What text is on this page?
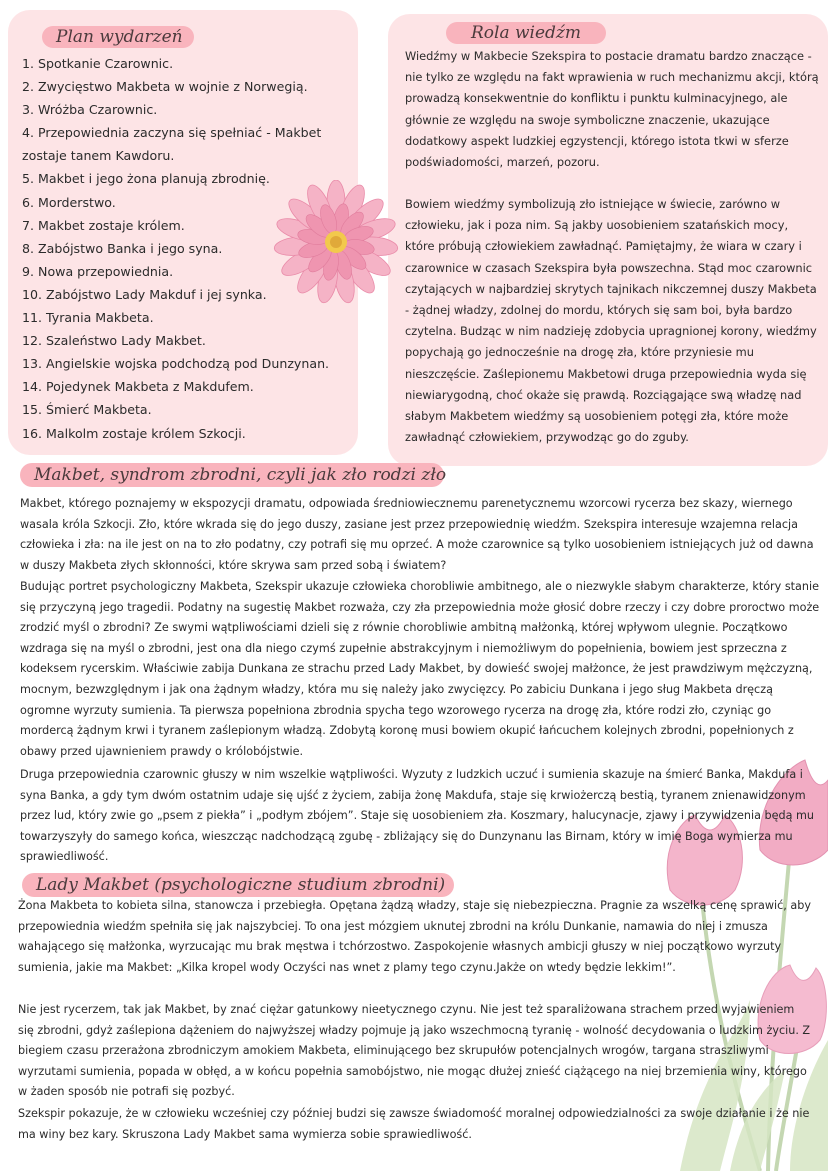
Plan wydarzeń
1. Spotkanie Czarownic.
2. Zwycięstwo Makbeta w wojnie z Norwegią.
3. Wróżba Czarownic.
4. Przepowiednia zaczyna się spełniać - Makbet zostaje tanem Kawdoru.
5. Makbet i jego żona planują zbrodnię.
6. Morderstwo.
7. Makbet zostaje królem.
8. Zabójstwo Banka i jego syna.
9. Nowa przepowiednia.
10. Zabójstwo Lady Makduf i jej synka.
11. Tyrania Makbeta.
12. Szaleństwo Lady Makbet.
13. Angielskie wojska podchodzą pod Dunzynan.
14. Pojedynek Makbeta z Makdufem.
15. Śmierć Makbeta.
16. Malkolm zostaje królem Szkocji.
Rola wiedźm

Wiedźmy w Makbecie Szekspira to postacie dramatu bardzo znaczące - nie tylko ze względu na fakt wprawienia w ruch mechanizmu akcji, którą prowadzą konsekwentnie do konfliktu i punktu kulminacyjnego, ale głównie ze względu na swoje symboliczne znaczenie, ukazujące dodatkowy aspekt ludzkiej egzystencji, którego istota tkwi w sferze podświadomości, marzeń, pozoru.

Bowiem wiedźmy symbolizują zło istniejące w świecie, zarówno w człowieku, jak i poza nim. Są jakby uosobieniem szatańskich mocy, które próbują człowiekiem zawładnąć. Pamiętajmy, że wiara w czary i czarownice w czasach Szekspira była powszechna. Stąd moc czarownic czytających w najbardziej skrytych tajnikach nikczemnej duszy Makbeta - żądnej władzy, zdolnej do mordu, których się sam boi, była bardzo czytelna. Budząc w nim nadzieję zdobycia upragnionej korony, wiedźmy popychają go jednocześnie na drogę zła, które przyniesie mu nieszczęście. Zaślepionemu Makbetowi druga przepowiednia wyda się niewiarygodną, choć okaże się prawdą. Rozciągające swą władzę nad słabym Makbetem wiedźmy są uosobieniem potęgi zła, które może zawładnąć człowiekiem, przywodząc go do zguby.

Makbet, syndrom zbrodni, czyli jak zło rodzi zło

Makbet, którego poznajemy w ekspozycji dramatu, odpowiada średniowiecznemu parenetycznemu wzorcowi rycerza bez skazy, wiernego wasala króla Szkocji. Zło, które wkrada się do jego duszy, zasiane jest przez przepowiednię wiedźm. Szekspira interesuje wzajemna relacja człowieka i zła: na ile jest on na to zło podatny, czy potrafi się mu oprzeć. A może czarownice są tylko uosobieniem istniejących już od dawna w duszy Makbeta złych skłonności, które skrywa sam przed sobą i światem?

Budując portret psychologiczny Makbeta, Szekspir ukazuje człowieka chorobliwie ambitnego, ale o niezwykle słabym charakterze, który stanie się przyczyną jego tragedii. Podatny na sugestię Makbet rozważa, czy zła przepowiednia może głosić dobre rzeczy i czy dobre proroctwo może zrodzić myśl o zbrodni? Ze swymi wątpliwościami dzieli się z równie chorobliwie ambitną małżonką, której wpływom ulegnie. Początkowo wzdraga się na myśl o zbrodni, jest ona dla niego czymś zupełnie abstrakcyjnym i niemożliwym do popełnienia, bowiem jest sprzeczna z kodeksem rycerskim. Właściwie zabija Dunkana ze strachu przed Lady Makbet, by dowieść swojej małżonce, że jest prawdziwym mężczyzną, mocnym, bezwzględnym i jak ona żądnym władzy, która mu się należy jako zwycięzcy. Po zabiciu Dunkana i jego sług Makbeta dręczą ogromne wyrzuty sumienia. Ta pierwsza popełniona zbrodnia spycha tego wzorowego rycerza na drogę zła, które rodzi zło, czyniąc go mordercą żądnym krwi i tyranem zaślepionym władzą. Zdobytą koronę musi bowiem okupić łańcuchem kolejnych zbrodni, popełnionych z obawy przed ujawnieniem prawdy o królobójstwie.

Druga przepowiednia czarownic głuszy w nim wszelkie wątpliwości. Wyzuty z ludzkich uczuć i sumienia skazuje na śmierć Banka, Makdufa i syna Banka, a gdy tym dwóm ostatnim udaje się ujść z życiem, zabija żonę Makdufa, staje się krwiożerczą bestią, tyranem znienawidzonym przez lud, który zwie go „psem z piekła” i „podłym zbójem”. Staje się uosobieniem zła. Koszmary, halucynacje, zjawy i przywidzenia będą mu towarzyszyły do samego końca, wieszcząc nadchodzącą zgubę - zbliżający się do Dunzynanu las Birnam, który w imię Boga wymierza mu sprawiedliwość.

Lady Makbet (psychologiczne studium zbrodni)

Żona Makbeta to kobieta silna, stanowcza i przebiegła. Opętana żądzą władzy, staje się niebezpieczna. Pragnie za wszelką cenę sprawić, aby przepowiednia wiedźm spełniła się jak najszybciej. To ona jest mózgiem uknutej zbrodni na królu Dunkanie, namawia do niej i zmusza wahającego się małżonka, wyrzucając mu brak męstwa i tchórzostwo. Zaspokojenie własnych ambicji głuszy w niej początkowo wyrzuty sumienia, jakie ma Makbet: „Kilka kropel wody Oczyści nas wnet z plamy tego czynu.Jakże on wtedy będzie lekkim!”.

Nie jest rycerzem, tak jak Makbet, by znać ciężar gatunkowy nieetycznego czynu. Nie jest też sparaliżowana strachem przed wyjawieniem się zbrodni, gdyż zaślepiona dążeniem do najwyższej władzy pojmuje ją jako wszechmocną tyranię - wolność decydowania o ludzkim życiu. Z biegiem czasu przerażona zbrodniczym amokiem Makbeta, eliminującego bez skrupułów potencjalnych wrogów, targana straszliwymi wyrzutami sumienia, popada w obłęd, a w końcu popełnia samobójstwo, nie mogąc dłużej znieść ciążącego na niej brzemienia winy, którego w żaden sposób nie potrafi się pozbyć.

Szekspir pokazuje, że w człowieku wcześniej czy później budzi się zawsze świadomość moralnej odpowiedzialności za swoje działanie i że nie ma winy bez kary. Skruszona Lady Makbet sama wymierza sobie sprawiedliwość.
